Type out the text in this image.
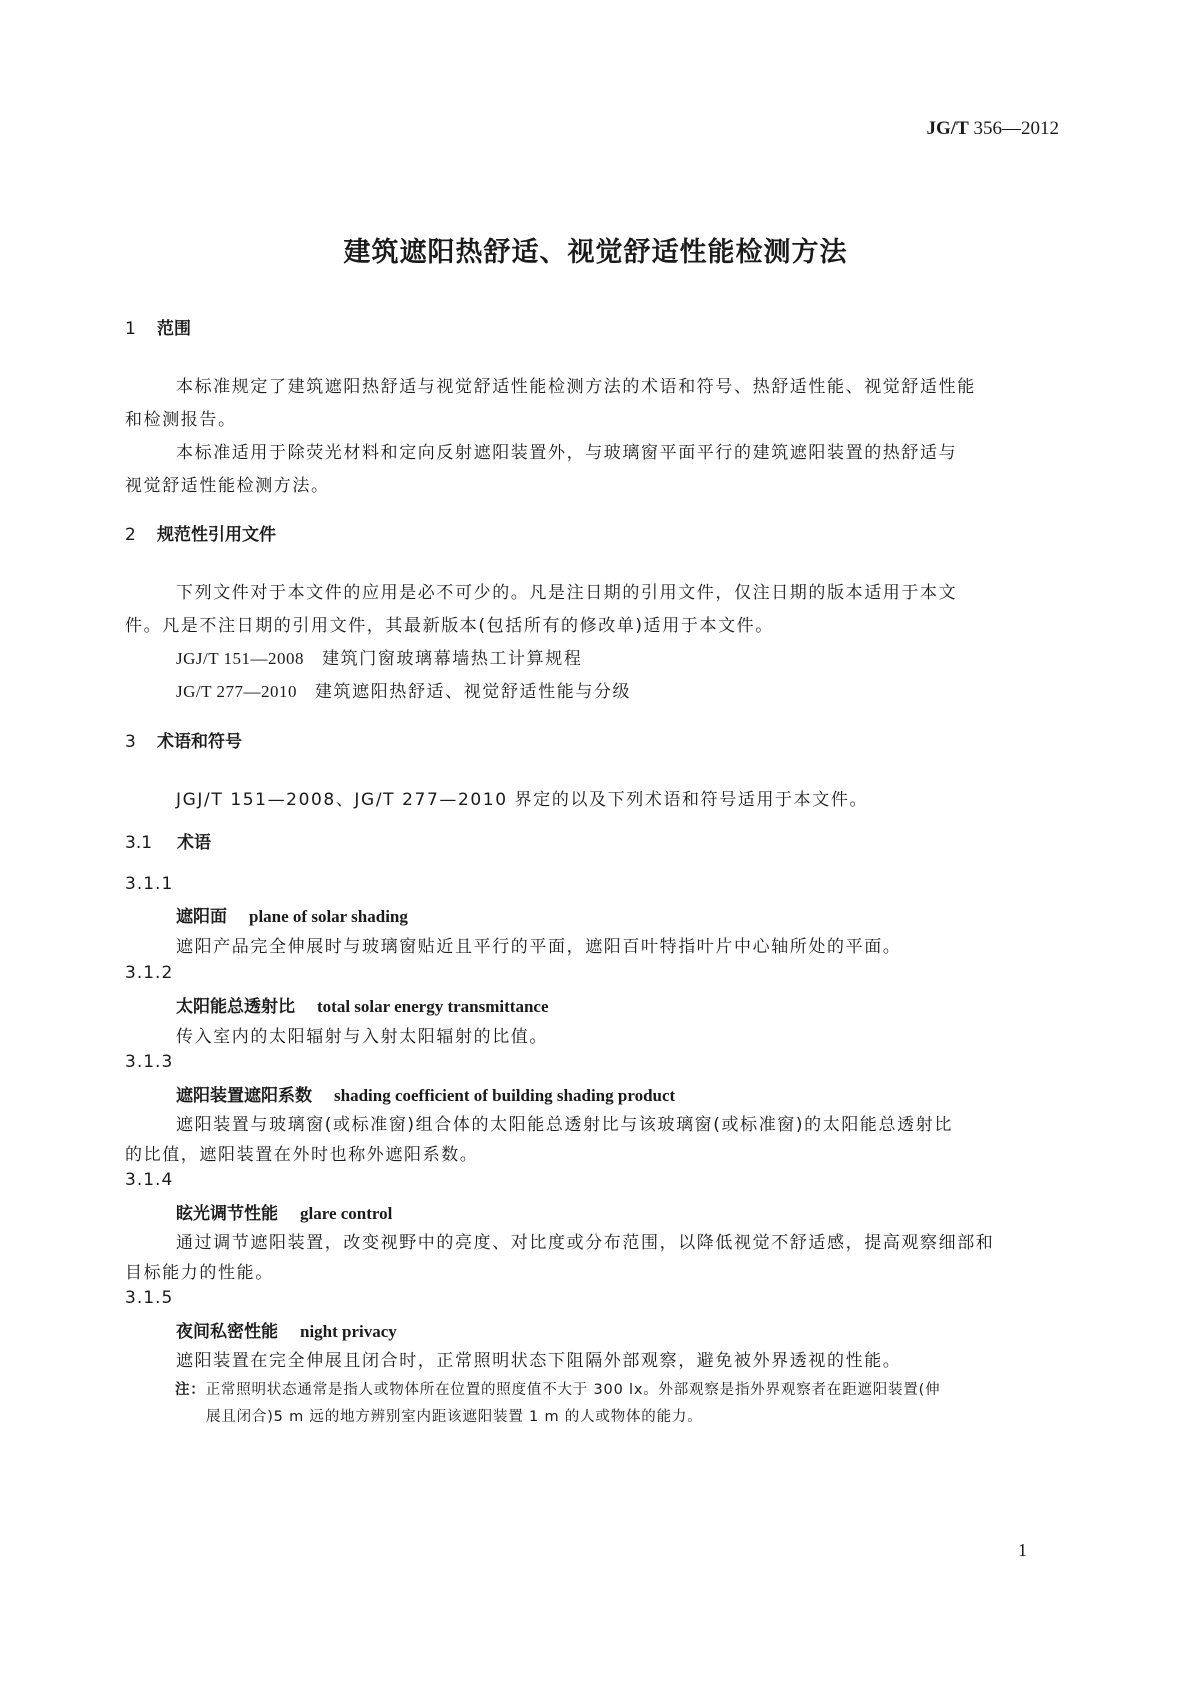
JG/T 356—2012
建筑遮阳热舒适、视觉舒适性能检测方法
1 范围
本标准规定了建筑遮阳热舒适与视觉舒适性能检测方法的术语和符号、热舒适性能、视觉舒适性能
和检测报告。
本标准适用于除荧光材料和定向反射遮阳装置外，与玻璃窗平面平行的建筑遮阳装置的热舒适与
视觉舒适性能检测方法。
2 规范性引用文件
下列文件对于本文件的应用是必不可少的。凡是注日期的引用文件，仅注日期的版本适用于本文
件。凡是不注日期的引用文件，其最新版本(包括所有的修改单)适用于本文件。
JGJ/T 151—2008 建筑门窗玻璃幕墙热工计算规程
JG/T 277—2010 建筑遮阳热舒适、视觉舒适性能与分级
3 术语和符号
JGJ/T 151—2008、JG/T 277—2010 界定的以及下列术语和符号适用于本文件。
3.1 术语
3.1.1
遮阳面 plane of solar shading
遮阳产品完全伸展时与玻璃窗贴近且平行的平面，遮阳百叶特指叶片中心轴所处的平面。
3.1.2
太阳能总透射比 total solar energy transmittance
传入室内的太阳辐射与入射太阳辐射的比值。
3.1.3
遮阳装置遮阳系数 shading coefficient of building shading product
遮阳装置与玻璃窗(或标准窗)组合体的太阳能总透射比与该玻璃窗(或标准窗)的太阳能总透射比
的比值，遮阳装置在外时也称外遮阳系数。
3.1.4
眩光调节性能 glare control
通过调节遮阳装置，改变视野中的亮度、对比度或分布范围，以降低视觉不舒适感，提高观察细部和
目标能力的性能。
3.1.5
夜间私密性能 night privacy
遮阳装置在完全伸展且闭合时，正常照明状态下阻隔外部观察，避免被外界透视的性能。
注：正常照明状态通常是指人或物体所在位置的照度值不大于 300 lx。外部观察是指外界观察者在距遮阳装置(伸
展且闭合)5 m 远的地方辨别室内距该遮阳装置 1 m 的人或物体的能力。
1
